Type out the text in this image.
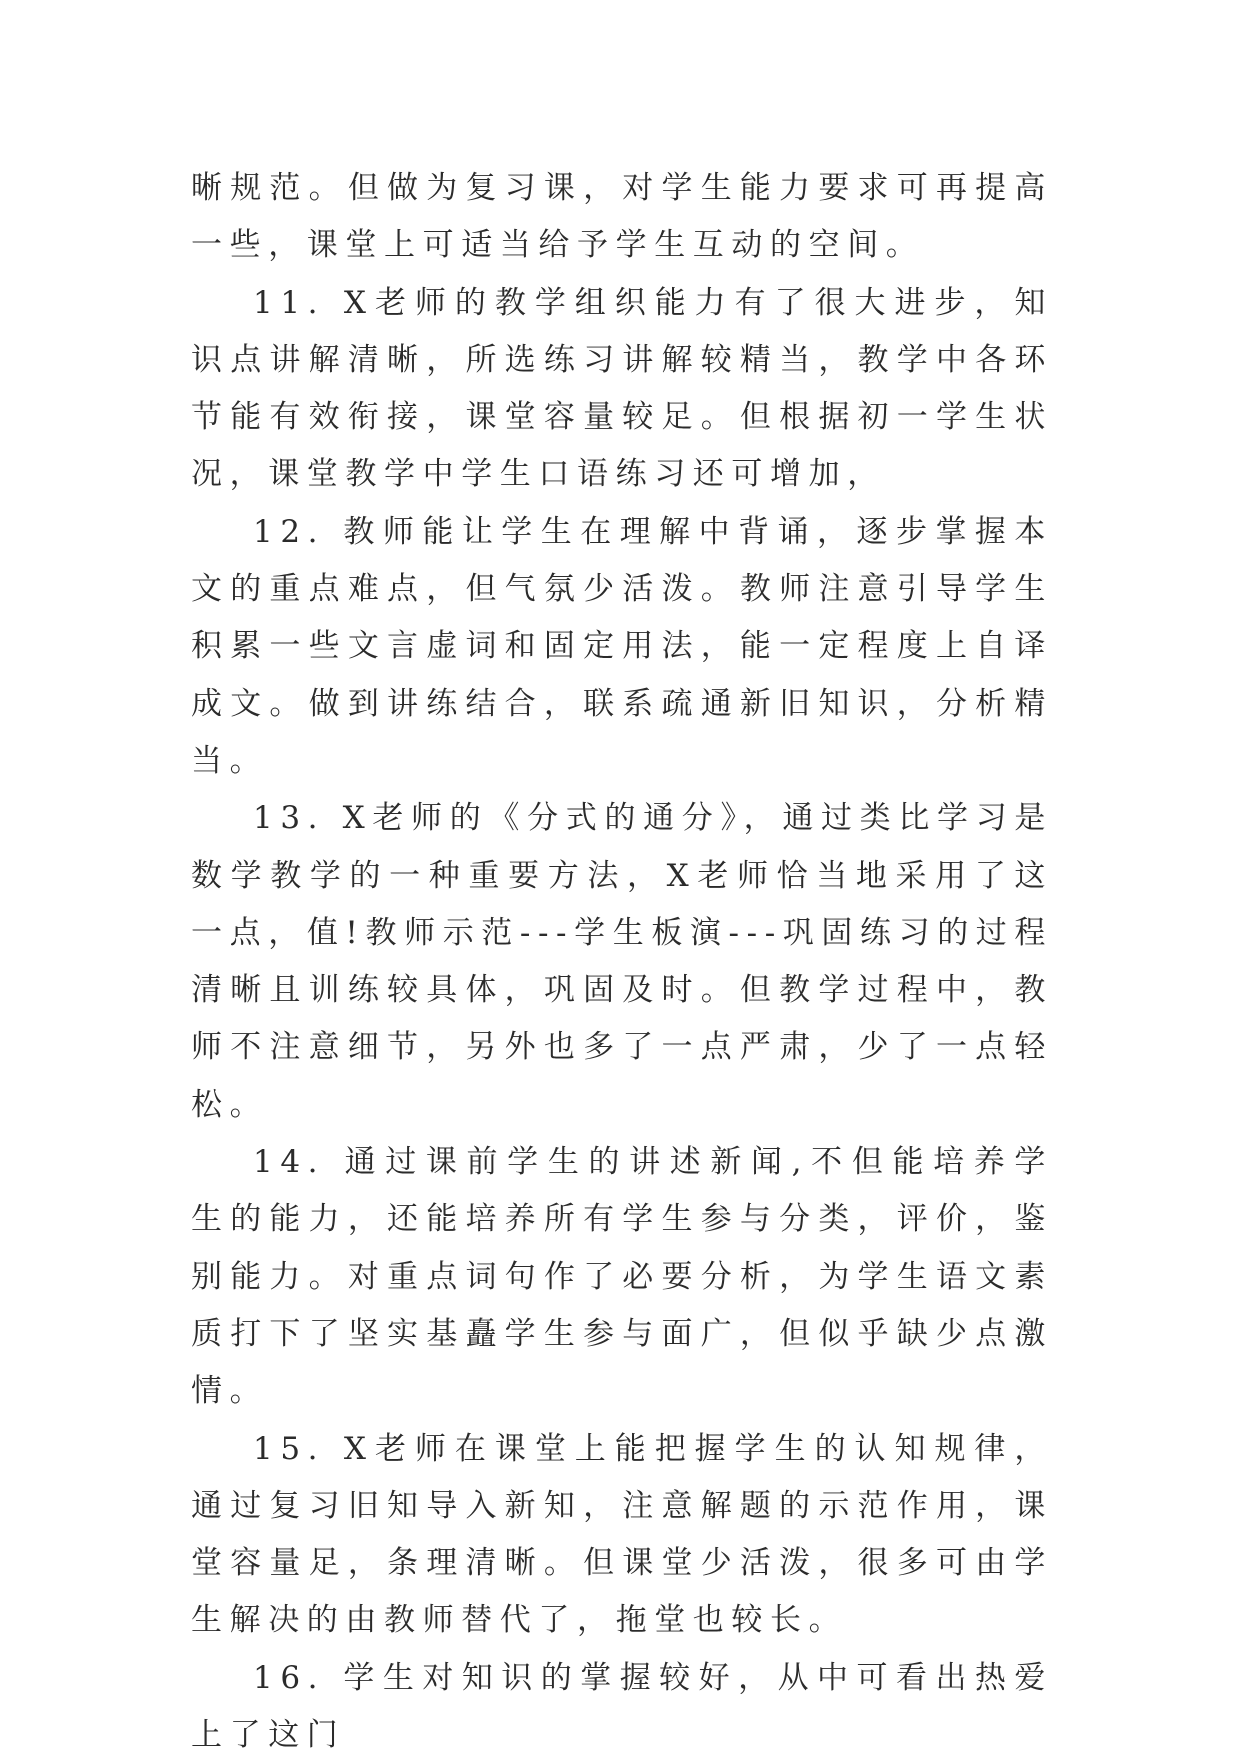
晰规范。但做为复习课，对学生能力要求可再提高一些，课堂上可适当给予学生互动的空间。

11. X老师的教学组织能力有了很大进步，知识点讲解清晰，所选练习讲解较精当，教学中各环节能有效衔接，课堂容量较足。但根据初一学生状况，课堂教学中学生口语练习还可增加，

12. 教师能让学生在理解中背诵，逐步掌握本文的重点难点，但气氛少活泼。教师注意引导学生积累一些文言虚词和固定用法，能一定程度上自译成文。做到讲练结合，联系疏通新旧知识，分析精当。

13. X老师的《分式的通分》，通过类比学习是数学教学的一种重要方法，X老师恰当地采用了这一点，值!教师示范---学生板演---巩固练习的过程清晰且训练较具体，巩固及时。但教学过程中，教师不注意细节，另外也多了一点严肃，少了一点轻松。

14. 通过课前学生的讲述新闻,不但能培养学生的能力，还能培养所有学生参与分类，评价，鉴别能力。对重点词句作了必要分析，为学生语文素质打下了坚实基矗学生参与面广，但似乎缺少点激情。

15. X老师在课堂上能把握学生的认知规律，通过复习旧知导入新知，注意解题的示范作用，课堂容量足，条理清晰。但课堂少活泼，很多可由学生解决的由教师替代了，拖堂也较长。

16. 学生对知识的掌握较好，从中可看出热爱上了这门
